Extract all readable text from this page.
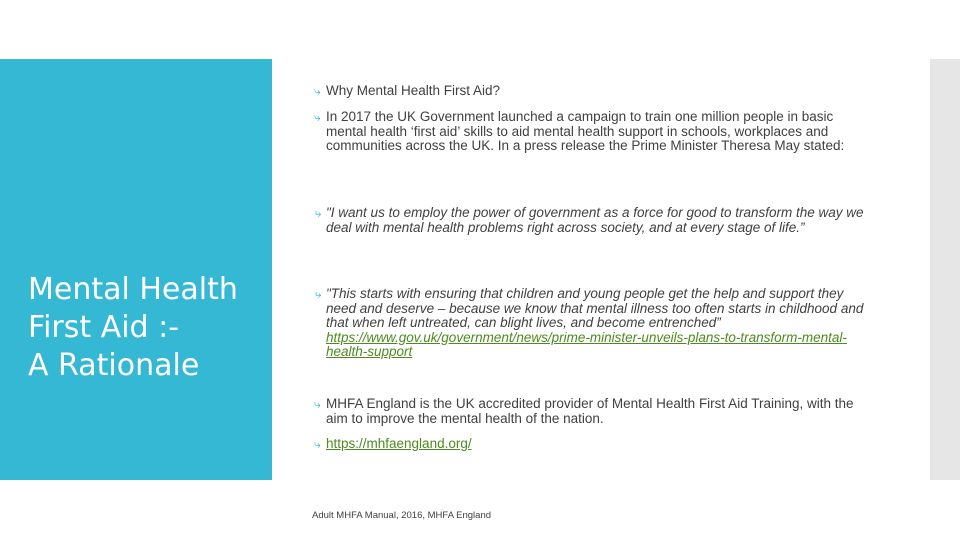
Mental Health
First Aid :-
A Rationale
⤷ Why Mental Health First Aid?

⤷ In 2017 the UK Government launched a campaign to train one million people in basic mental health ‘first aid’ skills to aid mental health support in schools, workplaces and communities across the UK. In a press release the Prime Minister Theresa May stated:

⤷ "I want us to employ the power of government as a force for good to transform the way we deal with mental health problems right across society, and at every stage of life.”

⤷ "This starts with ensuring that children and young people get the help and support they need and deserve – because we know that mental illness too often starts in childhood and that when left untreated, can blight lives, and become entrenched” https://www.gov.uk/government/news/prime-minister-unveils-plans-to-transform-mental-health-support

⤷ MHFA England is the UK accredited provider of Mental Health First Aid Training, with the aim to improve the mental health of the nation.

⤷ https://mhfaengland.org/

Adult MHFA Manual, 2016, MHFA England
